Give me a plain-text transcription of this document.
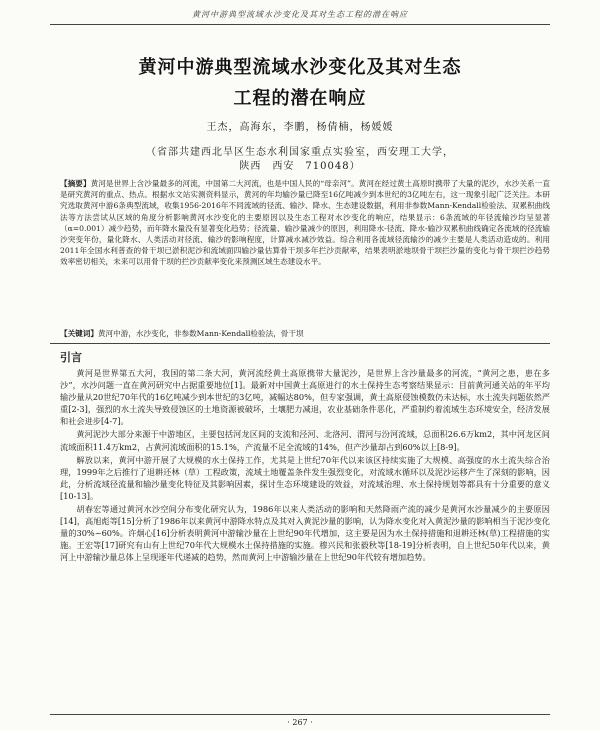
黄河中游典型流域水沙变化及其对生态工程的潜在响应
黄河中游典型流域水沙变化及其对生态
工程的潜在响应
王杰，高海东，李鹏，杨倩楠，杨媛媛
（省部共建西北旱区生态水利国家重点实验室，西安理工大学，
陕西　西安　710048）
【摘要】黄河是世界上含沙量最多的河流，中国第二大河流，也是中国人民的“母亲河”。黄河在经过黄土高原时携带了大量的泥沙，水沙关系一直是研究黄河的重点、热点。根据水文站实测资料显示，黄河的年均输沙量已降至16亿吨减少到本世纪的3亿吨左右，这一现象引起广泛关注。本研究选取黄河中游6条典型流域，收集1956-2016年不同流域的径流、输沙、降水、生态建设数据，利用非参数Mann-Kendall检验法、双累积曲线法等方法尝试从区域的角度分析影响黄河水沙变化的主要原因以及生态工程对水沙变化的响应，结果显示：6条流域的年径流输沙均呈显著（α=0.001）减少趋势，而年降水量没有显著变化趋势；径流量、输沙量减少的原因，利用降水-径流、降水-输沙双累积曲线确定各流域的径流输沙突变年份，量化降水、人类活动对径流、输沙的影响程度，计算减水减沙效益。综合利用各流域径流输沙的减少主要是人类活动造成的。利用2011年全国水利普查的骨干坝已淤积泥沙和流域面四输沙量估算骨干坝多年拦沙贡献率，结果表明淤地坝骨干坝拦沙量的变化与骨干坝拦沙趋势效率密切相关，未来可以用骨干坝的拦沙贡献率变化来预测区域生态建设水平。
【关键词】黄河中游，水沙变化，非参数Mann-Kendall检验法，骨干坝
引言

黄河是世界第五大河，我国的第二条大河，黄河流经黄土高原携带大量泥沙，是世界上含沙量最多的河流，“黄河之患，患在多沙”，水沙问题一直在黄河研究中占据重要地位[1]。最新对中国黄土高原进行的水土保持生态考察结果显示：目前黄河通关站的年平均输沙量从20世纪70年代的16亿吨减少到本世纪的3亿吨，减幅达80%，但专家强调，黄土高原侵蚀模数仍未达标，水土流失问题依然严重[2-3]，强烈的水土流失导致侵蚀区的土地资源被破坏，土壤肥力减退，农业基础条件恶化，严重制约着流域生态环境安全，经济发展和社会进步[4-7]。

黄河泥沙大部分来源于中游地区，主要包括河龙区间的支流和泾河、北洛河、渭河与汾河流域，总面积26.6万km2，其中河龙区间流域面积11.4万km2，占黄河流域面积的15.1%，产流量不足全流域的14%，但产沙量却占到60%以上[8-9]。

解放以来，黄河中游开展了大规模的水土保持工作，尤其是上世纪70年代以来该区持续实施了大规模、高强度的水土流失综合治理，1999年之后推行了退耕还林（草）工程政策，流域土地覆盖条件发生强烈变化，对流域水循环以及泥沙运移产生了深刻的影响，因此，分析流域径流量和输沙量变化特征及其影响因素，探讨生态环境建设的效益，对流域治理、水土保持规划等都具有十分重要的意义[10-13]。

胡春宏等通过黄河水沙空间分布变化研究认为，1986年以来人类活动的影响和天然降雨产流的减少是黄河水沙量减少的主要原因[14]，高旭彪等[15]分析了1986年以来黄河中游降水特点及其对入黄泥沙量的影响，认为降水变化对入黄泥沙量的影响相当于泥沙变化量的30%~60%。许炯心[16]分析表明黄河中游输沙量在上世纪90年代增加，这主要是因为水土保持措施和退耕还林(草)工程措施的实施。王宏等[17]研究有山有上世纪70年代大规模水土保持措施的实施。穆兴民和张毅秋等[18-19]分析表明，自上世纪50年代以来，黄河上中游输沙量总体上呈现逐年代递减的趋势，然而黄河上中游输沙量在上世纪90年代较有增加趋势。

· 267 ·
